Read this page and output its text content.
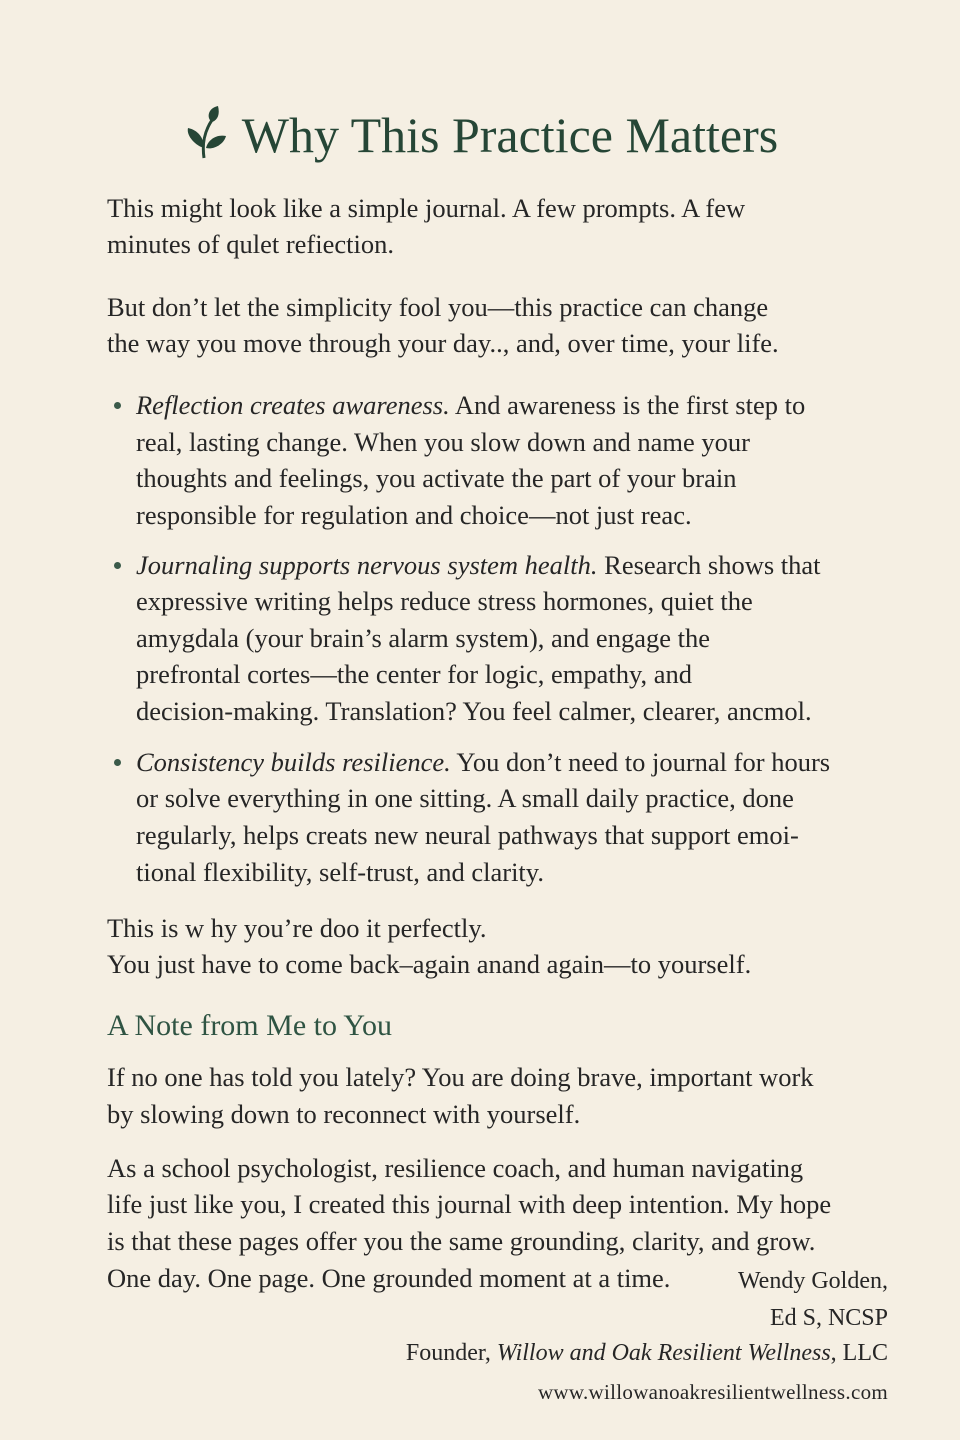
Why This Practice Matters
This might look like a simple journal. A few prompts. A few
minutes of qulet refiection.
But don’t let the simplicity fool you—this practice can change
the way you move through your day.., and, over time, your life.
Reflection creates awareness. And awareness is the first step to
real, lasting change. When you slow down and name your
thoughts and feelings, you activate the part of your brain
responsible for regulation and choice—not just reac.
Journaling supports nervous system health. Research shows that
expressive writing helps reduce stress hormones, quiet the
amygdala (your brain’s alarm system), and engage the
prefrontal cortes—the center for logic, empathy, and
decision-making. Translation? You feel calmer, clearer, ancmol.
Consistency builds resilience. You don’t need to journal for hours
or solve everything in one sitting. A small daily practice, done
regularly, helps creats new neural pathways that support emoi-
tional flexibility, self-trust, and clarity.
This is w hy you’re doo it perfectly.
You just have to come back–again anand again—to yourself.
If no one has told you lately? You are doing brave, important work
by slowing down to reconnect with yourself.
As a school psychologist, resilience coach, and human navigating
life just like you, I created this journal with deep intention. My hope
is that these pages offer you the same grounding, clarity, and grow.
One day. One page. One grounded moment at a time.
A Note from Me to You
Wendy Golden,
Ed S, NCSP
Founder, Willow and Oak Resilient Wellness, LLC
www.willowanoakresilientwellness.com
